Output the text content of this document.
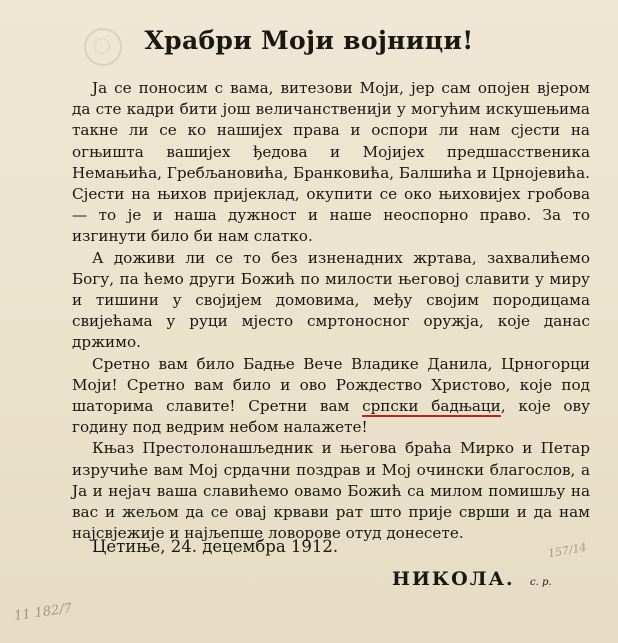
Храбри Моји војници!

Ја се поносим с вама, витезови Моји, јер сам опојен вјером да сте кадри бити још величанственији у могућим искушењима такне ли се ко нашијех права и оспори ли нам сјести на огњишта вашијех ђедова и Мојијех предшасственика Немањића, Гребљановића, Бранковића, Балшића и Црнојевића. Сјести на њихов пријеклад, окупити се око њиховијех гробова — то је и наша дужност и наше неоспорно право. За то изгинути било би нам слатко.

А доживи ли се то без изненадних жртава, захвалићемо Богу, па ћемо други Божић по милости његовој славити у миру и тишини у својијем домовима, међу својим породицама свијећама у руци мјесто смртоносног оружја, које данас држимо.

Сретно вам било Бадње Вече Владике Данила, Црногорци Моји! Сретно вам било и ово Рождество Христово, које под шаторима славите! Сретни вам српски бадњаци, које ову годину под ведрим небом налажете!

Књаз Престолонашљедник и његова браћа Мирко и Петар изручиће вам Мој срдачни поздрав и Мој очински благослов, а Ја и нејач ваша славићемо овамо Божић са милом помишљу на вас и жељом да се овај крвави рат што прије сврши и да нам најсвјежије и најљепше ловорове отуд донесете.

Цетиње, 24. децембра 1912.
НИКОЛА. с. р.
157/14
11 182/7
